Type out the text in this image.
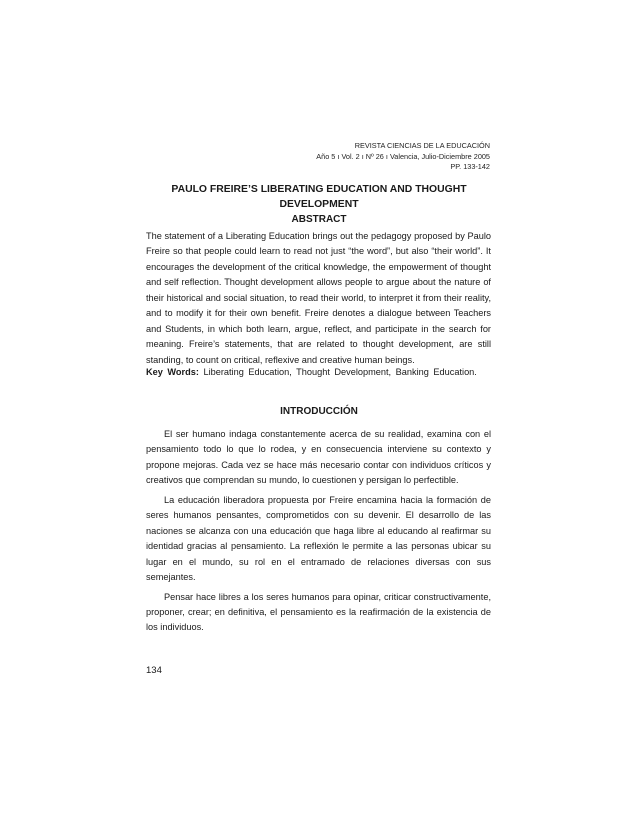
REVISTA CIENCIAS DE LA EDUCACIÓN
Año 5 ı Vol. 2 ı Nº 26 ı Valencia, Julio-Diciembre 2005
PP. 133-142
PAULO FREIRE’S LIBERATING EDUCATION AND THOUGHT DEVELOPMENT
ABSTRACT

The statement of a Liberating Education brings out the pedagogy proposed by Paulo Freire so that people could learn to read not just “the word”, but also “their world”. It encourages the development of the critical knowledge, the empowerment of thought and self reflection. Thought development allows people to argue about the nature of their historical and social situation, to read their world, to interpret it from their reality, and to modify it for their own benefit. Freire denotes a dialogue between Teachers and Students, in which both learn, argue, reflect, and participate in the search for meaning. Freire’s statements, that are related to thought development, are still standing, to count on critical, reflexive and creative human beings.

Key Words: Liberating Education, Thought Development, Banking Education.

INTRODUCCIÓN

El ser humano indaga constantemente acerca de su realidad, examina con el pensamiento todo lo que lo rodea, y en consecuencia interviene su contexto y propone mejoras. Cada vez se hace más necesario contar con individuos críticos y creativos que comprendan su mundo, lo cuestionen y persigan lo perfectible.

La educación liberadora propuesta por Freire encamina hacia la formación de seres humanos pensantes, comprometidos con su devenir. El desarrollo de las naciones se alcanza con una educación que haga libre al educando al reafirmar su identidad gracias al pensamiento. La reflexión le permite a las personas ubicar su lugar en el mundo, su rol en el entramado de relaciones diversas con sus semejantes.

Pensar hace libres a los seres humanos para opinar, criticar constructivamente, proponer, crear; en definitiva, el pensamiento es la reafirmación de la existencia de los individuos.

134
